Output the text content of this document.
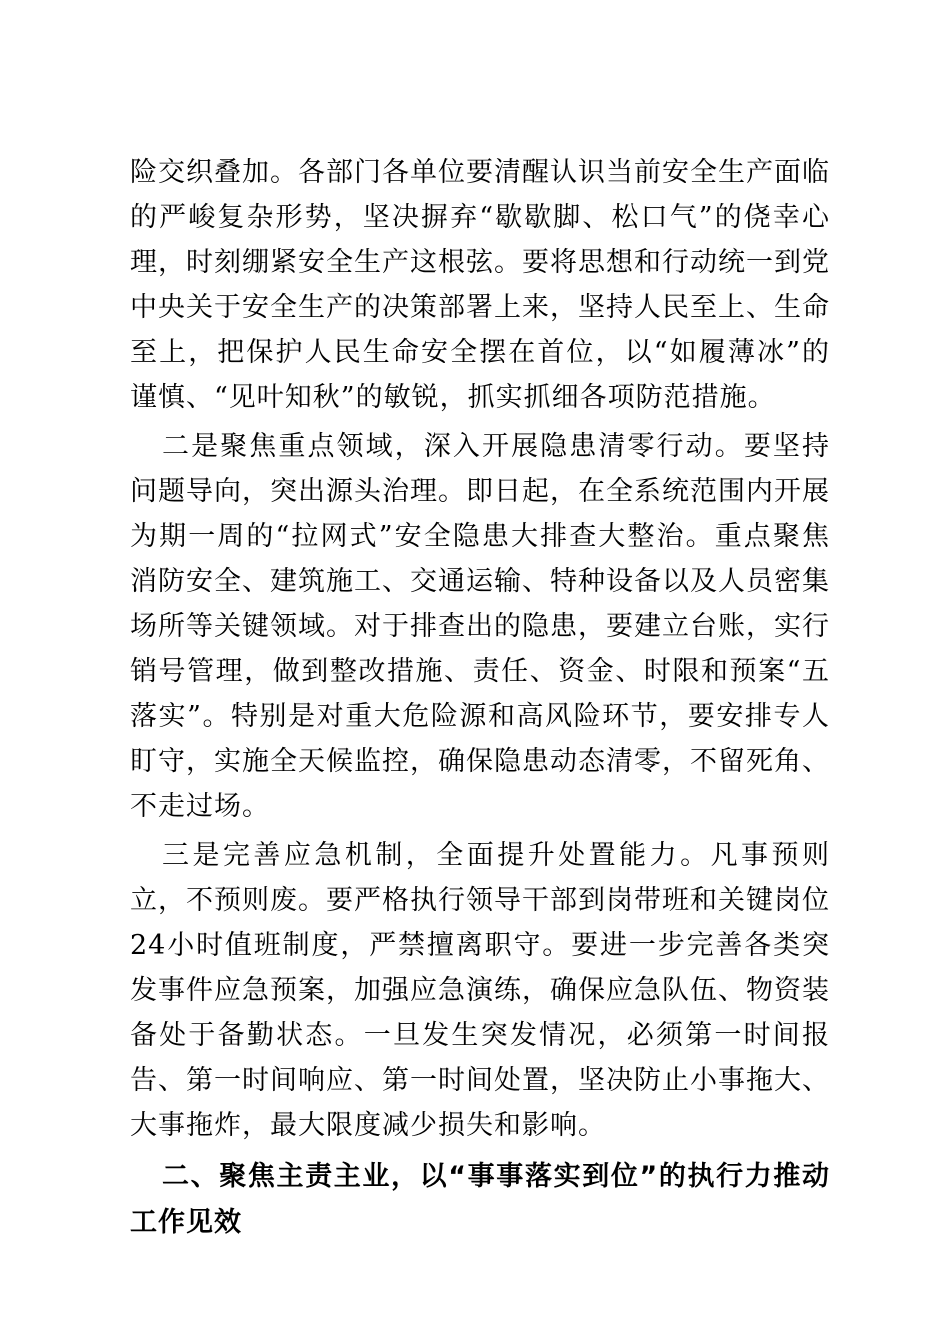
险交织叠加。各部门各单位要清醒认识当前安全生产面临的严峻复杂形势，坚决摒弃“歇歇脚、松口气”的侥幸心理，时刻绷紧安全生产这根弦。要将思想和行动统一到党中央关于安全生产的决策部署上来，坚持人民至上、生命至上，把保护人民生命安全摆在首位，以“如履薄冰”的谨慎、“见叶知秋”的敏锐，抓实抓细各项防范措施。

二是聚焦重点领域，深入开展隐患清零行动。要坚持问题导向，突出源头治理。即日起，在全系统范围内开展为期一周的“拉网式”安全隐患大排查大整治。重点聚焦消防安全、建筑施工、交通运输、特种设备以及人员密集场所等关键领域。对于排查出的隐患，要建立台账，实行销号管理，做到整改措施、责任、资金、时限和预案“五落实”。特别是对重大危险源和高风险环节，要安排专人盯守，实施全天候监控，确保隐患动态清零，不留死角、不走过场。

三是完善应急机制，全面提升处置能力。凡事预则立，不预则废。要严格执行领导干部到岗带班和关键岗位24小时值班制度，严禁擅离职守。要进一步完善各类突发事件应急预案，加强应急演练，确保应急队伍、物资装备处于备勤状态。一旦发生突发情况，必须第一时间报告、第一时间响应、第一时间处置，坚决防止小事拖大、大事拖炸，最大限度减少损失和影响。

二、聚焦主责主业，以“事事落实到位”的执行力推动工作见效
